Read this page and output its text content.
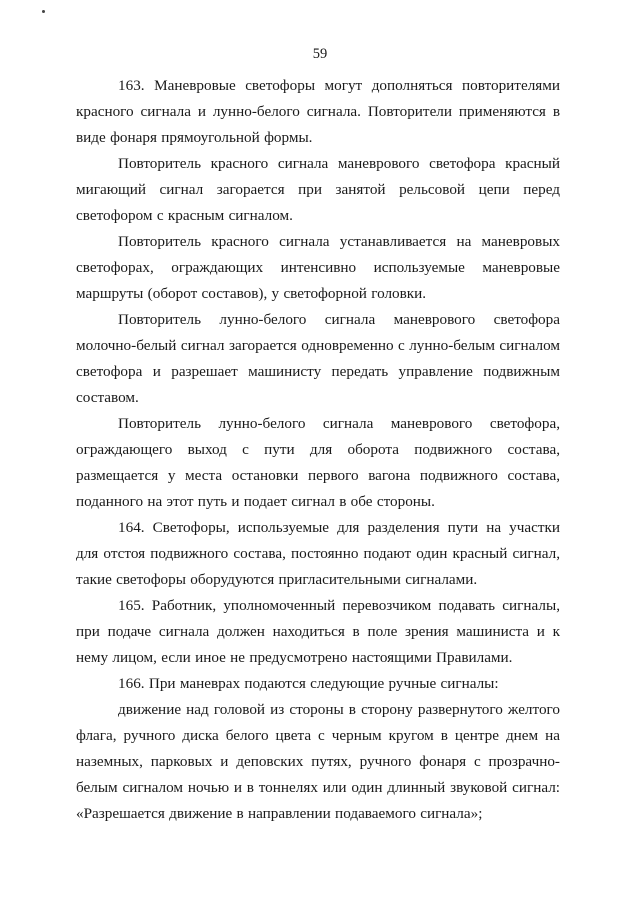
59

163. Маневровые светофоры могут дополняться повторителями красного сигнала и лунно-белого сигнала. Повторители применяются в виде фонаря прямоугольной формы.

Повторитель красного сигнала маневрового светофора красный мигающий сигнал загорается при занятой рельсовой цепи перед светофором с красным сигналом.

Повторитель красного сигнала устанавливается на маневровых светофорах, ограждающих интенсивно используемые маневровые маршруты (оборот составов), у светофорной головки.

Повторитель лунно-белого сигнала маневрового светофора молочно-белый сигнал загорается одновременно с лунно-белым сигналом светофора и разрешает машинисту передать управление подвижным составом.

Повторитель лунно-белого сигнала маневрового светофора, ограждающего выход с пути для оборота подвижного состава, размещается у места остановки первого вагона подвижного состава, поданного на этот путь и подает сигнал в обе стороны.

164. Светофоры, используемые для разделения пути на участки для отстоя подвижного состава, постоянно подают один красный сигнал, такие светофоры оборудуются пригласительными сигналами.

165. Работник, уполномоченный перевозчиком подавать сигналы, при подаче сигнала должен находиться в поле зрения машиниста и к нему лицом, если иное не предусмотрено настоящими Правилами.

166. При маневрах подаются следующие ручные сигналы:

движение над головой из стороны в сторону развернутого желтого флага, ручного диска белого цвета с черным кругом в центре днем на наземных, парковых и деповских путях, ручного фонаря с прозрачно-белым сигналом ночью и в тоннелях или один длинный звуковой сигнал: «Разрешается движение в направлении подаваемого сигнала»;
